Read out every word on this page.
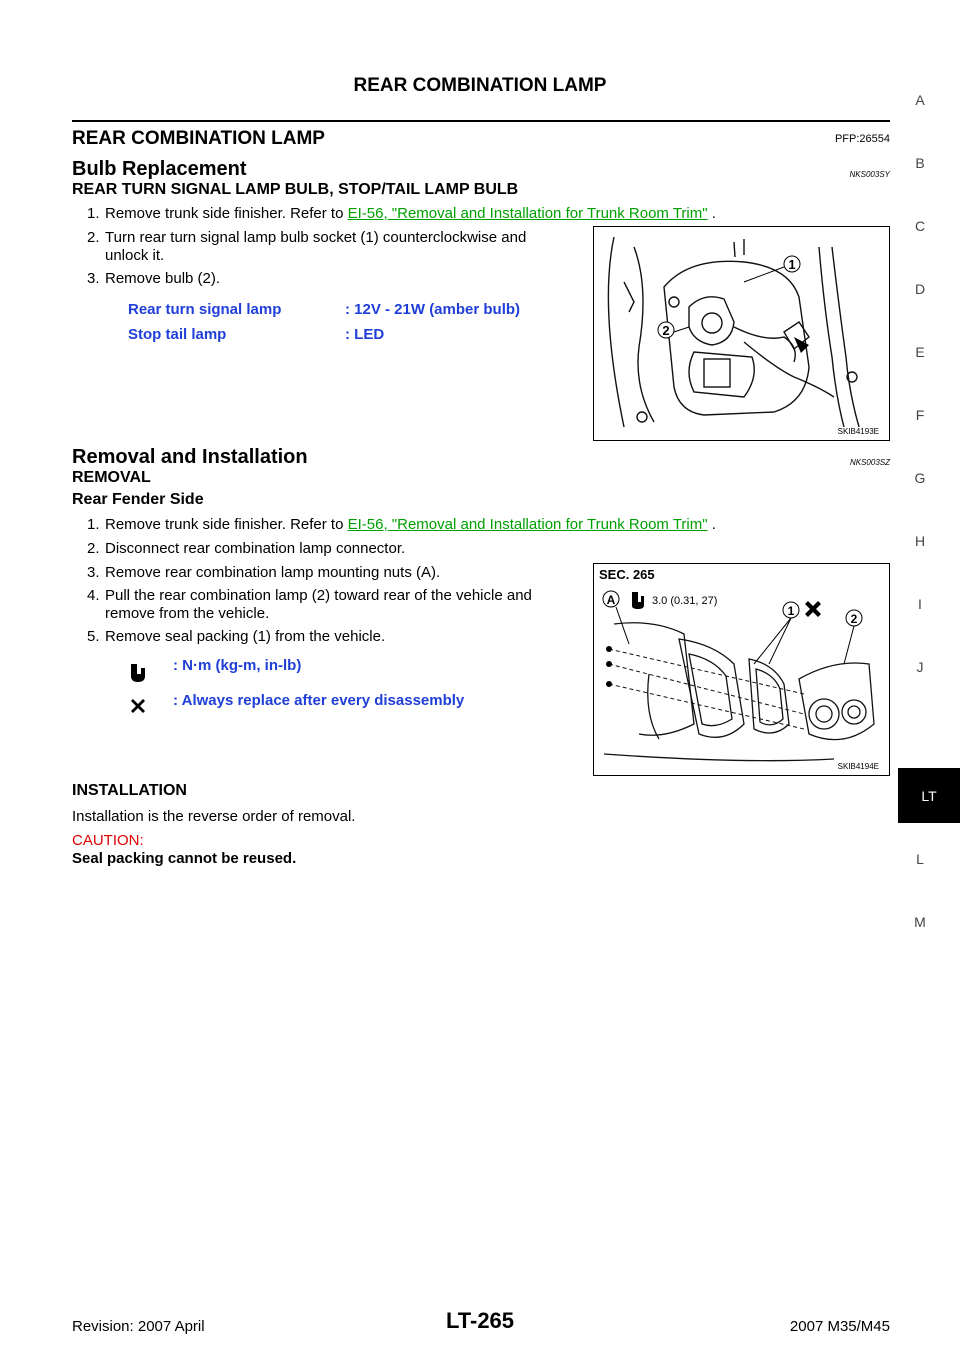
REAR COMBINATION LAMP
REAR COMBINATION LAMP	PFP:26554
Bulb Replacement	NKS003SY
REAR TURN SIGNAL LAMP BULB, STOP/TAIL LAMP BULB
1. Remove trunk side finisher. Refer to EI-56, "Removal and Installation for Trunk Room Trim" .
2. Turn rear turn signal lamp bulb socket (1) counterclockwise and
unlock it.
3. Remove bulb (2).
Rear turn signal lamp	: 12V - 21W (amber bulb)
Stop tail lamp	: LED
1
2
SKIB4193E
Removal and Installation	NKS003SZ
REMOVAL
Rear Fender Side
1. Remove trunk side finisher. Refer to EI-56, "Removal and Installation for Trunk Room Trim" .
2. Disconnect rear combination lamp connector.
3. Remove rear combination lamp mounting nuts (A).
4. Pull the rear combination lamp (2) toward rear of the vehicle and
remove from the vehicle.
5. Remove seal packing (1) from the vehicle.
: N·m (kg-m, in-lb)
: Always replace after every disassembly
SEC. 265
A	3.0 (0.31, 27)
1
2
SKIB4194E
INSTALLATION
Installation is the reverse order of removal.
CAUTION:
Seal packing cannot be reused.
A
B
C
D
E
F
G
H
I
J
LT
L
M
Revision: 2007 April	LT-265	2007 M35/M45
